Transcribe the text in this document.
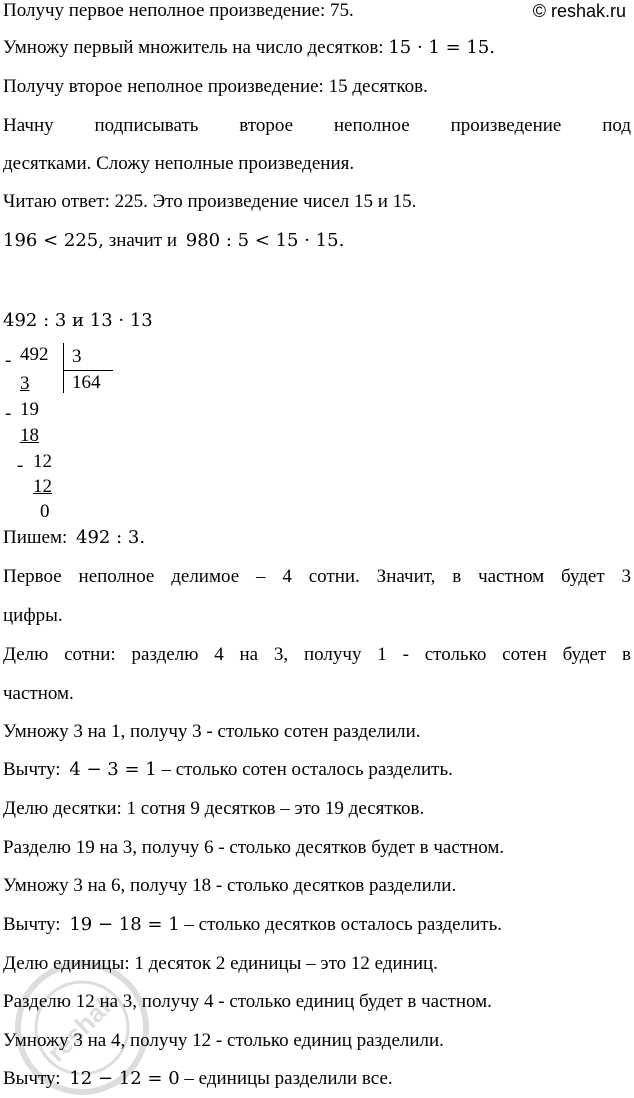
© reshak.ru
Получу первое неполное произведение: 75.
Умножу первый множитель на число десятков: 15 · 1 = 15.
Получу второе неполное произведение: 15 десятков.
Начну подписывать второе неполное произведение под
десятками. Сложу неполные произведения.
Читаю ответ: 225. Это произведение чисел 15 и 15.
196 < 225, значит и 980 : 5 < 15 · 15.
492 : 3 и 13 · 13
- 492 3
164
3
- 19
18
- 12
12
0
Пишем: 492 : 3.
Первое неполное делимое – 4 сотни. Значит, в частном будет 3
цифры.
Делю сотни: разделю 4 на 3, получу 1 - столько сотен будет в
частном.
Умножу 3 на 1, получу 3 - столько сотен разделили.
Вычту: 4 − 3 = 1 – столько сотен осталось разделить.
Делю десятки: 1 сотня 9 десятков – это 19 десятков.
Разделю 19 на 3, получу 6 - столько десятков будет в частном.
Умножу 3 на 6, получу 18 - столько десятков разделили.
Вычту: 19 − 18 = 1 – столько десятков осталось разделить.
Делю единицы: 1 десяток 2 единицы – это 12 единиц.
Разделю 12 на 3, получу 4 - столько единиц будет в частном.
Умножу 3 на 4, получу 12 - столько единиц разделили.
Вычту: 12 − 12 = 0 – единицы разделили все.
reshak
